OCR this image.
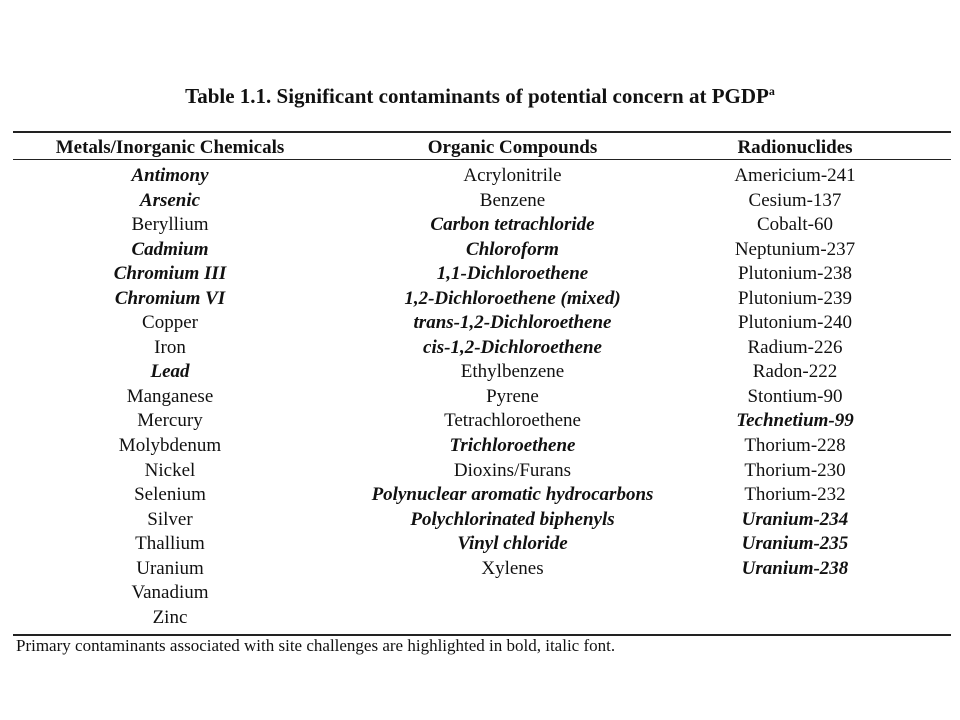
Table 1.1. Significant contaminants of potential concern at PGDP$^a$
Metals/Inorganic Chemicals	Organic Compounds	Radionuclides
Antimony
Arsenic
Beryllium
Cadmium
Chromium III
Chromium VI
Copper
Iron
Lead
Manganese
Mercury
Molybdenum
Nickel
Selenium
Silver
Thallium
Uranium
Vanadium
Zinc
Acrylonitrile
Benzene
Carbon tetrachloride
Chloroform
1,1-Dichloroethene
1,2-Dichloroethene (mixed)
trans-1,2-Dichloroethene
cis-1,2-Dichloroethene
Ethylbenzene
Pyrene
Tetrachloroethene
Trichloroethene
Dioxins/Furans
Polynuclear aromatic hydrocarbons
Polychlorinated biphenyls
Vinyl chloride
Xylenes
Americium-241
Cesium-137
Cobalt-60
Neptunium-237
Plutonium-238
Plutonium-239
Plutonium-240
Radium-226
Radon-222
Stontium-90
Technetium-99
Thorium-228
Thorium-230
Thorium-232
Uranium-234
Uranium-235
Uranium-238
Primary contaminants associated with site challenges are highlighted in bold, italic font.
